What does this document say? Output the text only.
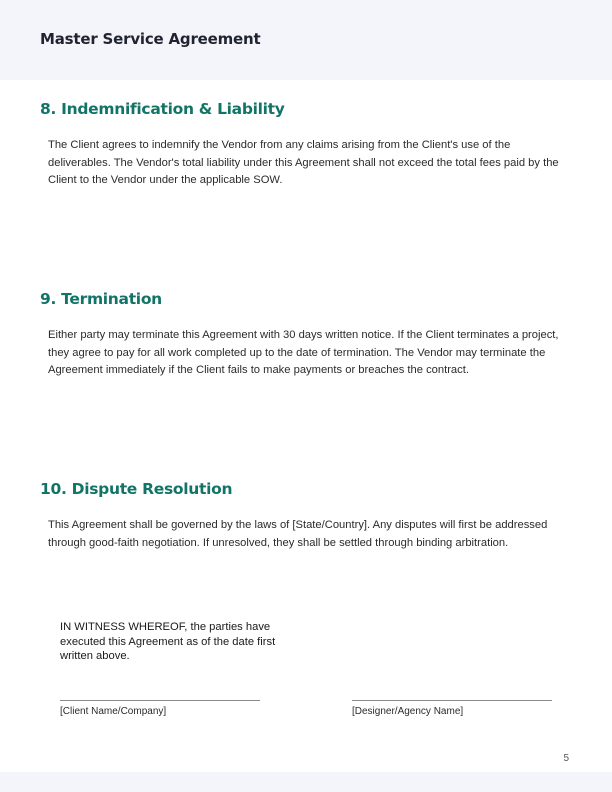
Master Service Agreement
8. Indemnification & Liability

The Client agrees to indemnify the Vendor from any claims arising from the Client's use of the deliverables. The Vendor's total liability under this Agreement shall not exceed the total fees paid by the Client to the Vendor under the applicable SOW.

9. Termination

Either party may terminate this Agreement with 30 days written notice. If the Client terminates a project, they agree to pay for all work completed up to the date of termination. The Vendor may terminate the Agreement immediately if the Client fails to make payments or breaches the contract.

10. Dispute Resolution

This Agreement shall be governed by the laws of [State/Country]. Any disputes will first be addressed through good-faith negotiation. If unresolved, they shall be settled through binding arbitration.

IN WITNESS WHEREOF, the parties have executed this Agreement as of the date first written above.

[Client Name/Company]	[Designer/Agency Name]
5
